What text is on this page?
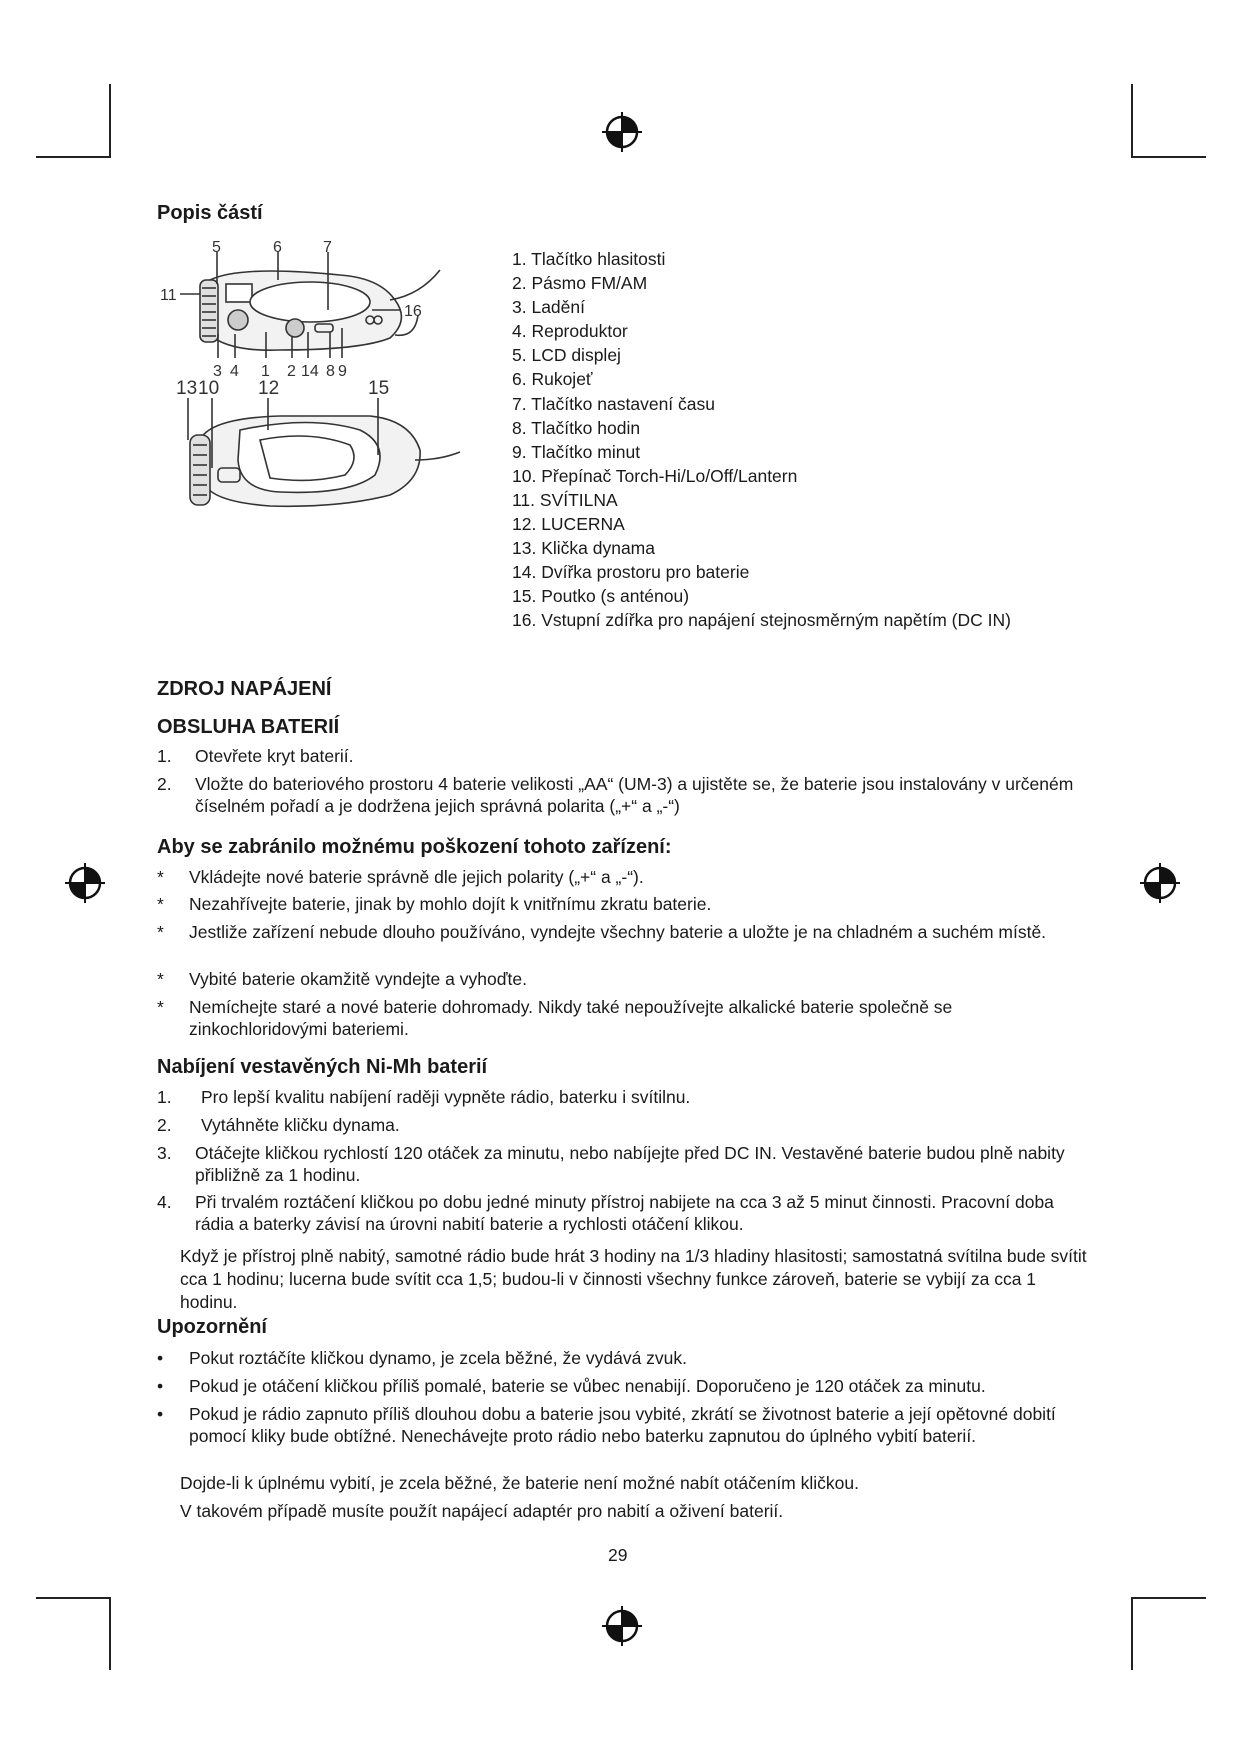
Popis částí
5	6	7
11
16
3 4 1 2 14 8 9
13 10 12	15
1. Tlačítko hlasitosti
2. Pásmo FM/AM
3. Ladění
4. Reproduktor
5. LCD displej
6. Rukojeť
7. Tlačítko nastavení času
8. Tlačítko hodin
9. Tlačítko minut
10. Přepínač Torch-Hi/Lo/Off/Lantern
11. SVÍTILNA
12. LUCERNA
13. Klička dynama
14. Dvířka prostoru pro baterie
15. Poutko (s anténou)
16. Vstupní zdířka pro napájení stejnosměrným napětím (DC IN)
ZDROJ NAPÁJENÍ
OBSLUHA BATERIÍ
1. Otevřete kryt baterií.
2. Vložte do bateriového prostoru 4 baterie velikosti „AA“ (UM-3) a ujistěte se, že baterie jsou instalovány v určeném číselném pořadí a je dodržena jejich správná polarita („+“ a „-“)
Aby se zabránilo možnému poškození tohoto zařízení:
* Vkládejte nové baterie správně dle jejich polarity („+“ a „-“).
* Nezahřívejte baterie, jinak by mohlo dojít k vnitřnímu zkratu baterie.
* Jestliže zařízení nebude dlouho používáno, vyndejte všechny baterie a uložte je na chladném a suchém místě.
* Vybité baterie okamžitě vyndejte a vyhoďte.
* Nemíchejte staré a nové baterie dohromady. Nikdy také nepoužívejte alkalické baterie společně se zinkochloridovými bateriemi.
Nabíjení vestavěných Ni-Mh baterií
1. Pro lepší kvalitu nabíjení raději vypněte rádio, baterku i svítilnu.
2. Vytáhněte kličku dynama.
3. Otáčejte kličkou rychlostí 120 otáček za minutu, nebo nabíjejte před DC IN. Vestavěné baterie budou plně nabity přibližně za 1 hodinu.
4. Při trvalém roztáčení kličkou po dobu jedné minuty přístroj nabijete na cca 3 až 5 minut činnosti. Pracovní doba rádia a baterky závisí na úrovni nabití baterie a rychlosti otáčení klikou.
Když je přístroj plně nabitý, samotné rádio bude hrát 3 hodiny na 1/3 hladiny hlasitosti; samostatná svítilna bude svítit cca 1 hodinu; lucerna bude svítit cca 1,5; budou-li v činnosti všechny funkce zároveň, baterie se vybijí za cca 1 hodinu.
Upozornění
• Pokut roztáčíte kličkou dynamo, je zcela běžné, že vydává zvuk.
• Pokud je otáčení kličkou příliš pomalé, baterie se vůbec nenabijí. Doporučeno je 120 otáček za minutu.
• Pokud je rádio zapnuto příliš dlouhou dobu a baterie jsou vybité, zkrátí se životnost baterie a její opětovné dobití pomocí kliky bude obtížné. Nenechávejte proto rádio nebo baterku zapnutou do úplného vybití baterií.
Dojde-li k úplnému vybití, je zcela běžné, že baterie není možné nabít otáčením kličkou.
V takovém případě musíte použít napájecí adaptér pro nabití a oživení baterií.
29
